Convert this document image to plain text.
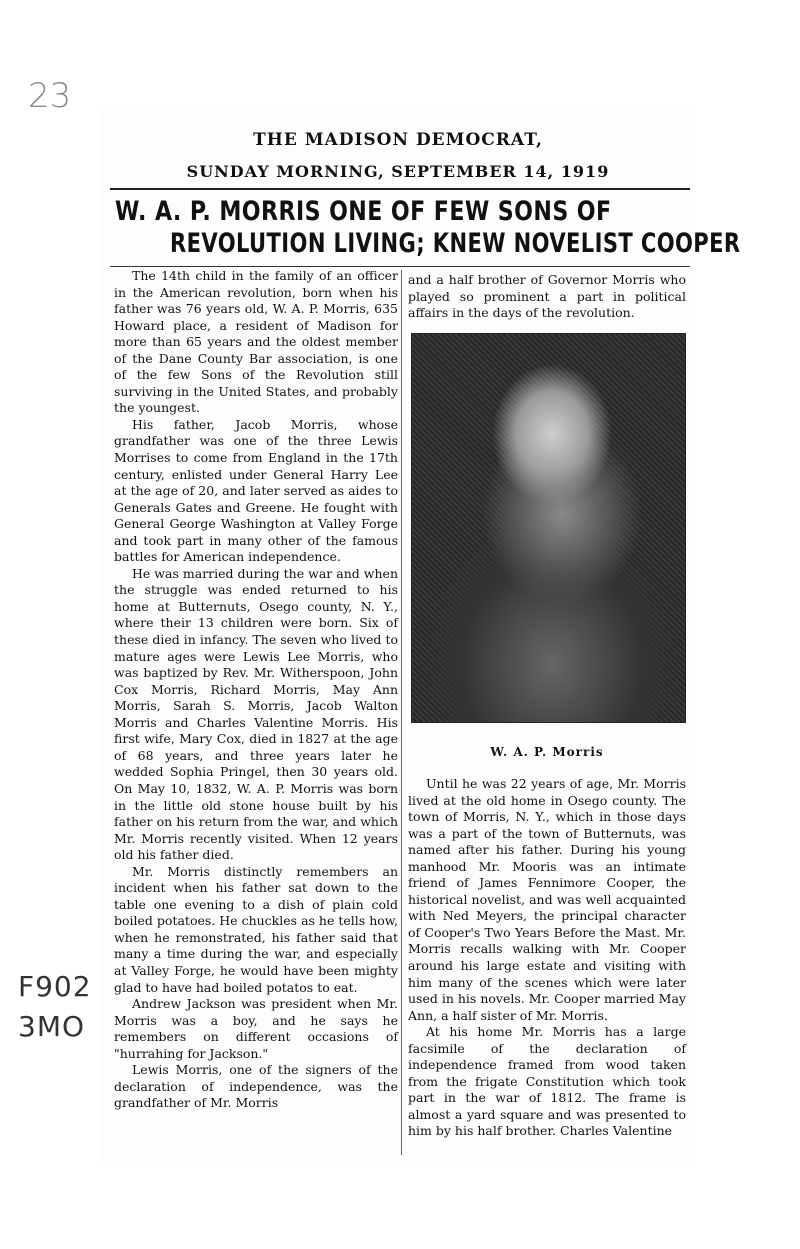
23
F902
3MO
THE MADISON DEMOCRAT,
SUNDAY MORNING, SEPTEMBER 14, 1919
W. A. P. MORRIS ONE OF FEW SONS OF
REVOLUTION LIVING; KNEW NOVELIST COOPER

The 14th child in the family of an officer in the American revolution, born when his father was 76 years old, W. A. P. Morris, 635 Howard place, a resident of Madison for more than 65 years and the oldest member of the Dane County Bar association, is one of the few Sons of the Revolution still surviving in the United States, and probably the youngest.

His father, Jacob Morris, whose grandfather was one of the three Lewis Morrises to come from England in the 17th century, enlisted under General Harry Lee at the age of 20, and later served as aides to Generals Gates and Greene. He fought with General George Washington at Valley Forge and took part in many other of the famous battles for American independence.

He was married during the war and when the struggle was ended returned to his home at Butternuts, Osego county, N. Y., where their 13 children were born. Six of these died in infancy. The seven who lived to mature ages were Lewis Lee Morris, who was baptized by Rev. Mr. Witherspoon, John Cox Morris, Richard Morris, May Ann Morris, Sarah S. Morris, Jacob Walton Morris and Charles Valentine Morris. His first wife, Mary Cox, died in 1827 at the age of 68 years, and three years later he wedded Sophia Pringel, then 30 years old. On May 10, 1832, W. A. P. Morris was born in the little old stone house built by his father on his return from the war, and which Mr. Morris recently visited. When 12 years old his father died.

Mr. Morris distinctly remembers an incident when his father sat down to the table one evening to a dish of plain cold boiled potatoes. He chuckles as he tells how, when he remonstrated, his father said that many a time during the war, and especially at Valley Forge, he would have been mighty glad to have had boiled potatos to eat.

Andrew Jackson was president when Mr. Morris was a boy, and he says he remembers on different occasions of "hurrahing for Jackson."

Lewis Morris, one of the signers of the declaration of independence, was the grandfather of Mr. Morris

and a half brother of Governor Morris who played so prominent a part in political affairs in the days of the revolution.

W. A. P. Morris

Until he was 22 years of age, Mr. Morris lived at the old home in Osego county. The town of Morris, N. Y., which in those days was a part of the town of Butternuts, was named after his father. During his young manhood Mr. Mooris was an intimate friend of James Fennimore Cooper, the historical novelist, and was well acquainted with Ned Meyers, the principal character of Cooper's Two Years Before the Mast. Mr. Morris recalls walking with Mr. Cooper around his large estate and visiting with him many of the scenes which were later used in his novels. Mr. Cooper married May Ann, a half sister of Mr. Morris.

At his home Mr. Morris has a large facsimile of the declaration of independence framed from wood taken from the frigate Constitution which took part in the war of 1812. The frame is almost a yard square and was presented to him by his half brother. Charles Valentine
